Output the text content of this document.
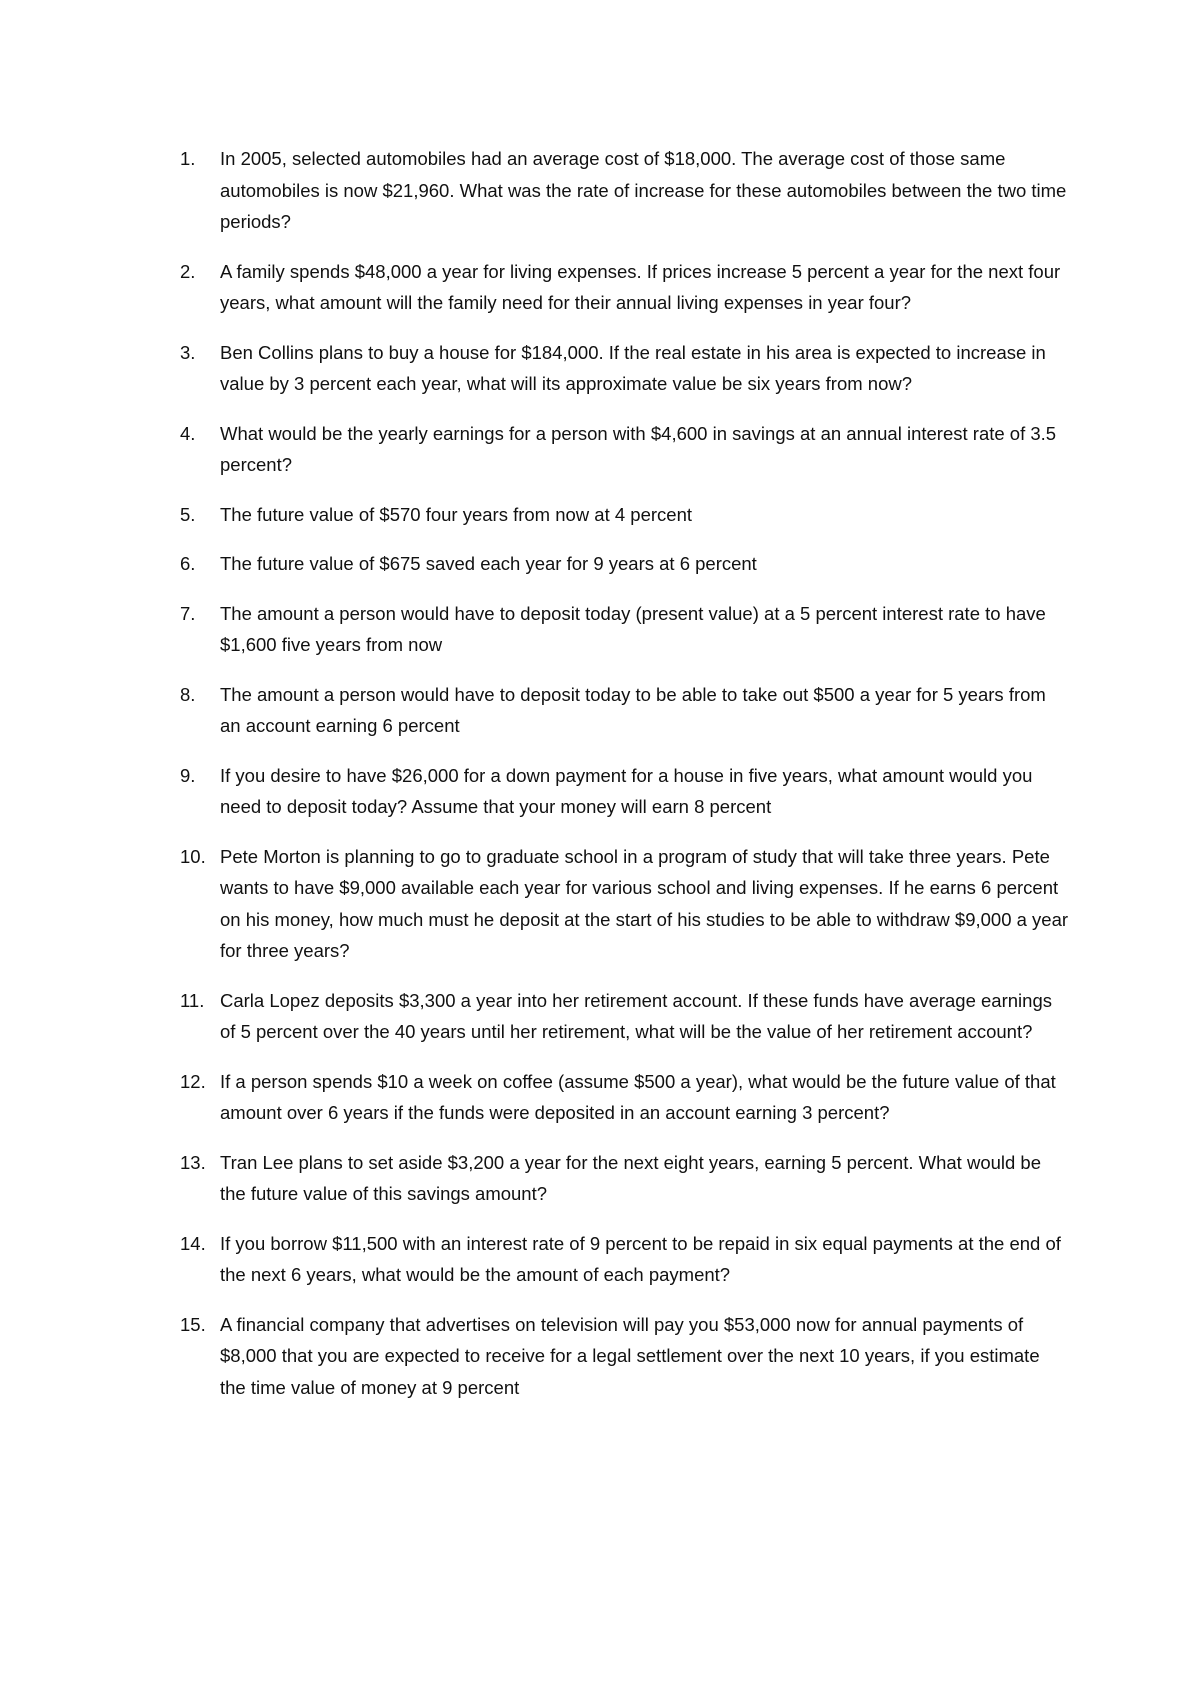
1.	In 2005, selected automobiles had an average cost of $18,000. The average cost of those same automobiles is now $21,960. What was the rate of increase for these automobiles between the two time periods?
2.	A family spends $48,000 a year for living expenses. If prices increase 5 percent a year for the next four years, what amount will the family need for their annual living expenses in year four?
3.	Ben Collins plans to buy a house for $184,000. If the real estate in his area is expected to increase in value by 3 percent each year, what will its approximate value be six years from now?
4.	What would be the yearly earnings for a person with $4,600 in savings at an annual interest rate of 3.5 percent?
5.	The future value of $570 four years from now at 4 percent
6.	The future value of $675 saved each year for 9 years at 6 percent
7.	The amount a person would have to deposit today (present value) at a 5 percent interest rate to have $1,600 five years from now
8.	The amount a person would have to deposit today to be able to take out $500 a year for 5 years from an account earning 6 percent
9.	If you desire to have $26,000 for a down payment for a house in five years, what amount would you need to deposit today? Assume that your money will earn 8 percent
10. Pete Morton is planning to go to graduate school in a program of study that will take three years. Pete wants to have $9,000 available each year for various school and living expenses. If he earns 6 percent on his money, how much must he deposit at the start of his studies to be able to withdraw $9,000 a year for three years?
11. Carla Lopez deposits $3,300 a year into her retirement account. If these funds have average earnings of 5 percent over the 40 years until her retirement, what will be the value of her retirement account?
12. If a person spends $10 a week on coffee (assume $500 a year), what would be the future value of that amount over 6 years if the funds were deposited in an account earning 3 percent?
13. Tran Lee plans to set aside $3,200 a year for the next eight years, earning 5 percent. What would be the future value of this savings amount?
14. If you borrow $11,500 with an interest rate of 9 percent to be repaid in six equal payments at the end of the next 6 years, what would be the amount of each payment?
15. A financial company that advertises on television will pay you $53,000 now for annual payments of $8,000 that you are expected to receive for a legal settlement over the next 10 years, if you estimate the time value of money at 9 percent
